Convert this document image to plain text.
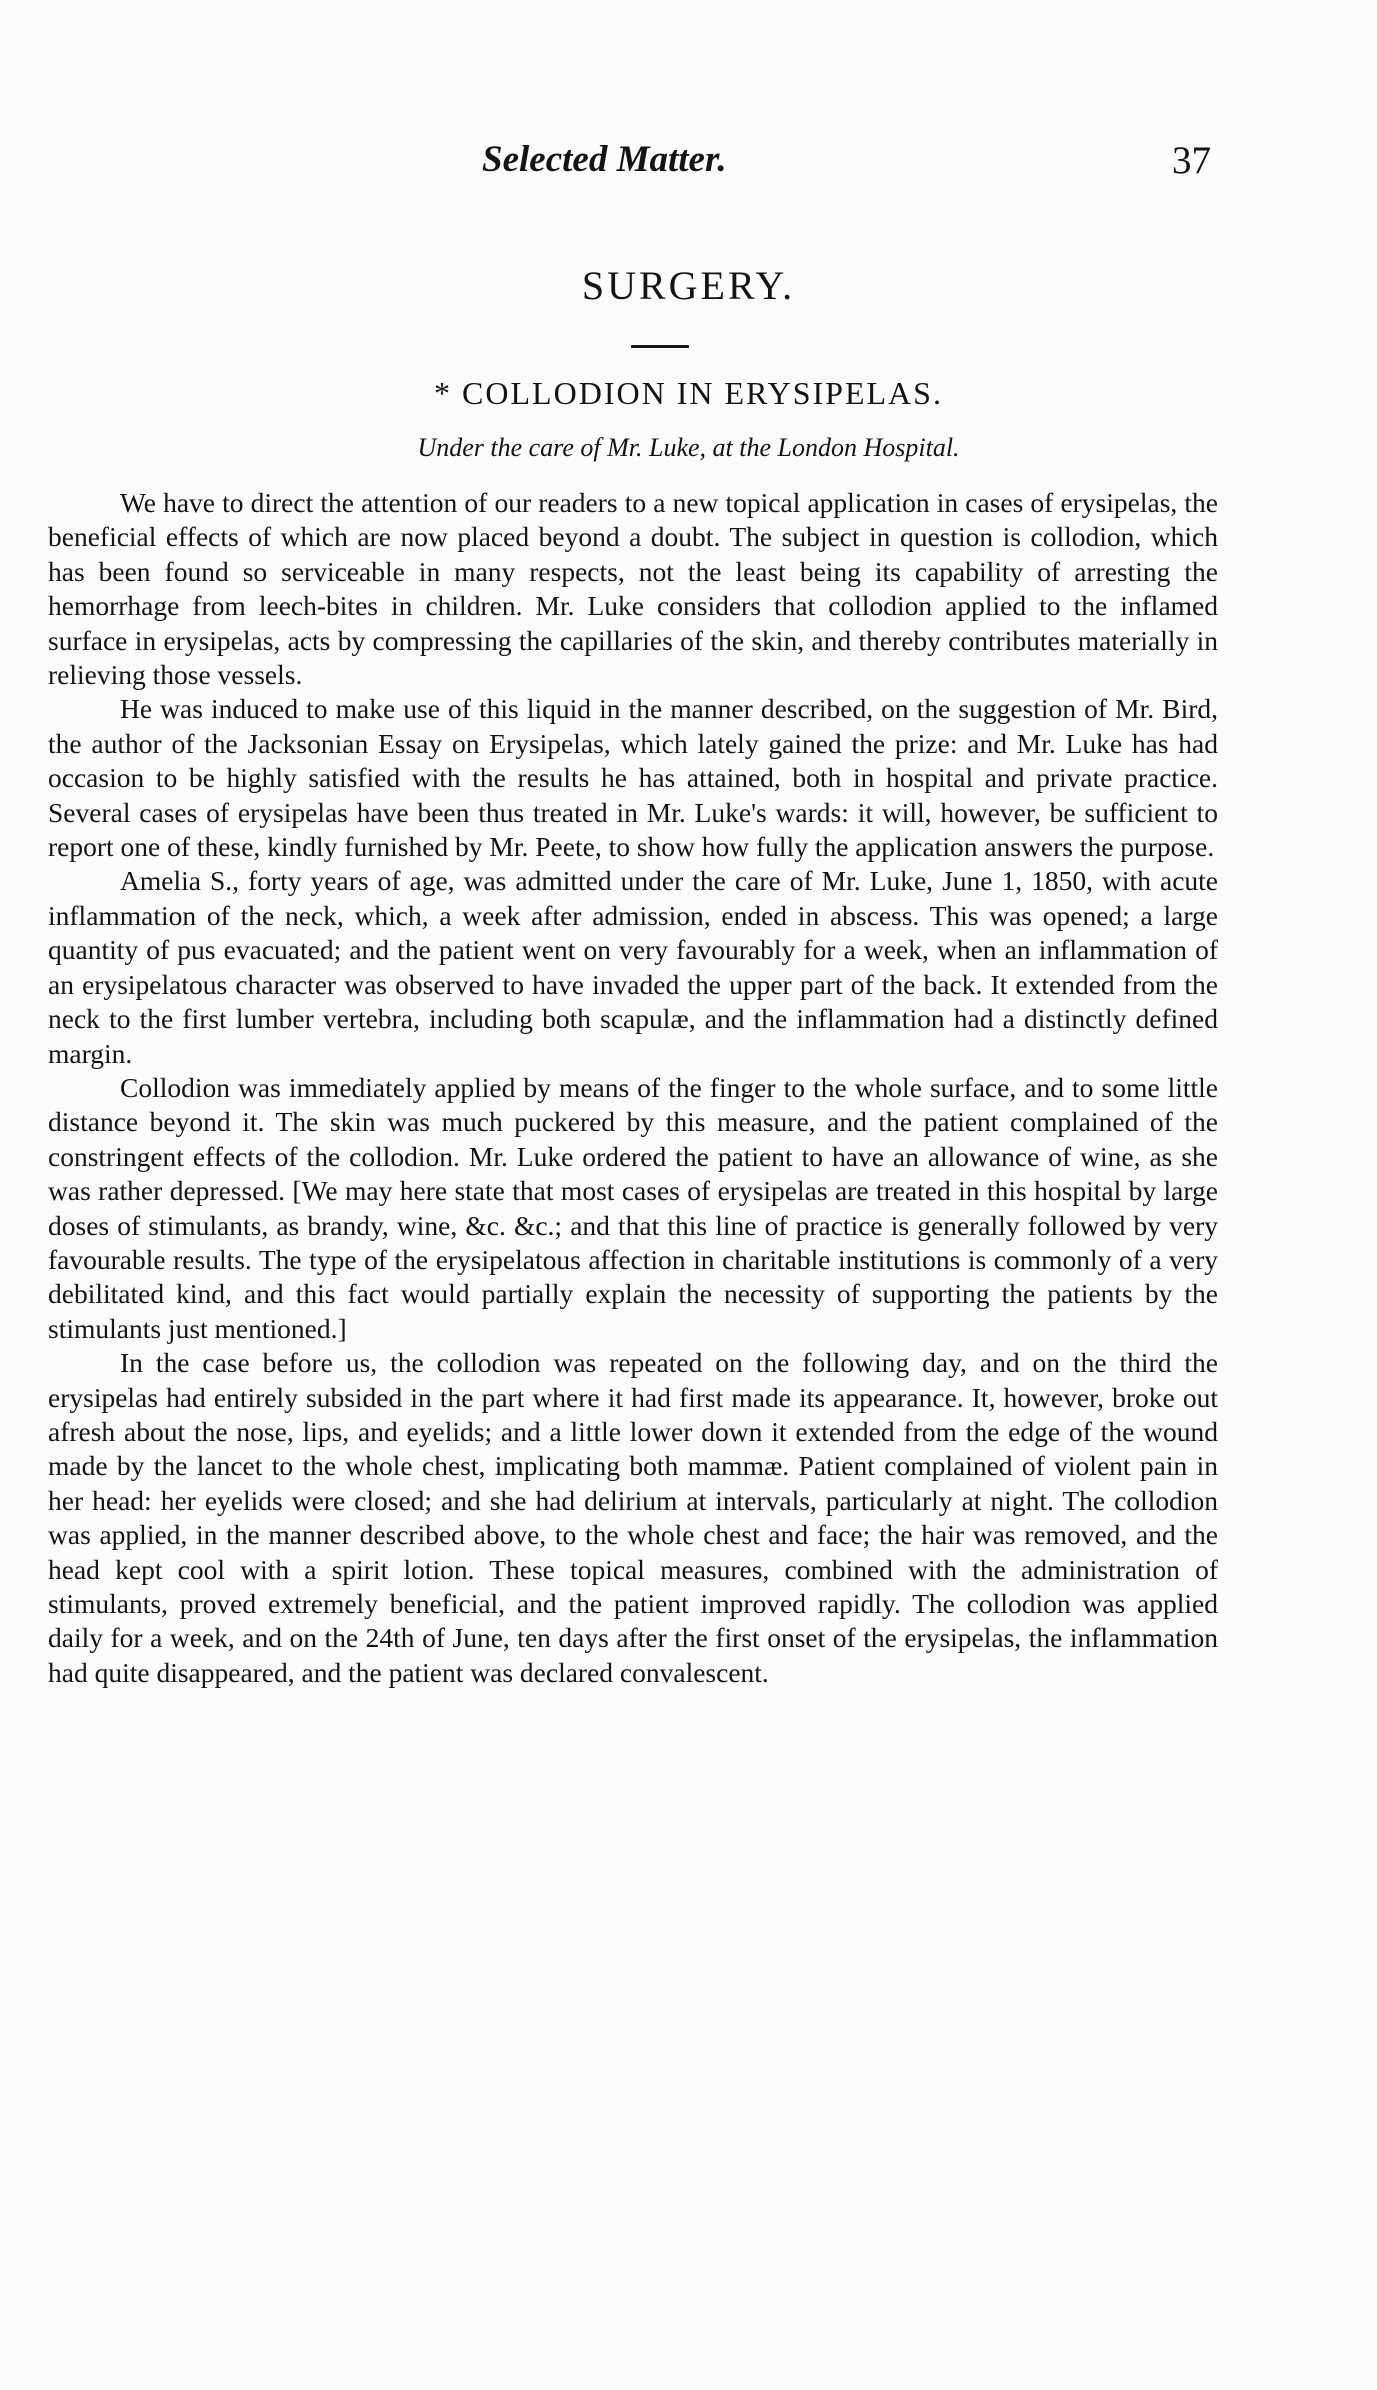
Selected Matter.	37
SURGERY.
* COLLODION IN ERYSIPELAS.
Under the care of Mr. Luke, at the London Hospital.

We have to direct the attention of our readers to a new topical application in cases of erysipelas, the beneficial effects of which are now placed beyond a doubt. The subject in question is collodion, which has been found so serviceable in many respects, not the least being its capability of arresting the hemorrhage from leech-bites in children. Mr. Luke considers that collodion applied to the inflamed surface in erysipelas, acts by compressing the capillaries of the skin, and thereby contributes materially in relieving those vessels.

He was induced to make use of this liquid in the manner described, on the suggestion of Mr. Bird, the author of the Jacksonian Essay on Erysipelas, which lately gained the prize: and Mr. Luke has had occasion to be highly satisfied with the results he has attained, both in hospital and private practice. Several cases of erysipelas have been thus treated in Mr. Luke's wards: it will, however, be sufficient to report one of these, kindly furnished by Mr. Peete, to show how fully the application answers the purpose.

Amelia S., forty years of age, was admitted under the care of Mr. Luke, June 1, 1850, with acute inflammation of the neck, which, a week after admission, ended in abscess. This was opened; a large quantity of pus evacuated; and the patient went on very favourably for a week, when an inflammation of an erysipelatous character was observed to have invaded the upper part of the back. It extended from the neck to the first lumber vertebra, including both scapulæ, and the inflammation had a distinctly defined margin.

Collodion was immediately applied by means of the finger to the whole surface, and to some little distance beyond it. The skin was much puckered by this measure, and the patient complained of the constringent effects of the collodion. Mr. Luke ordered the patient to have an allowance of wine, as she was rather depressed. [We may here state that most cases of erysipelas are treated in this hospital by large doses of stimulants, as brandy, wine, &c. &c.; and that this line of practice is generally followed by very favourable results. The type of the erysipelatous affection in charitable institutions is commonly of a very debilitated kind, and this fact would partially explain the necessity of supporting the patients by the stimulants just mentioned.]

In the case before us, the collodion was repeated on the following day, and on the third the erysipelas had entirely subsided in the part where it had first made its appearance. It, however, broke out afresh about the nose, lips, and eyelids; and a little lower down it extended from the edge of the wound made by the lancet to the whole chest, implicating both mammæ. Patient complained of violent pain in her head: her eyelids were closed; and she had delirium at intervals, particularly at night. The collodion was applied, in the manner described above, to the whole chest and face; the hair was removed, and the head kept cool with a spirit lotion. These topical measures, combined with the administration of stimulants, proved extremely beneficial, and the patient improved rapidly. The collodion was applied daily for a week, and on the 24th of June, ten days after the first onset of the erysipelas, the inflammation had quite disappeared, and the patient was declared convalescent.
